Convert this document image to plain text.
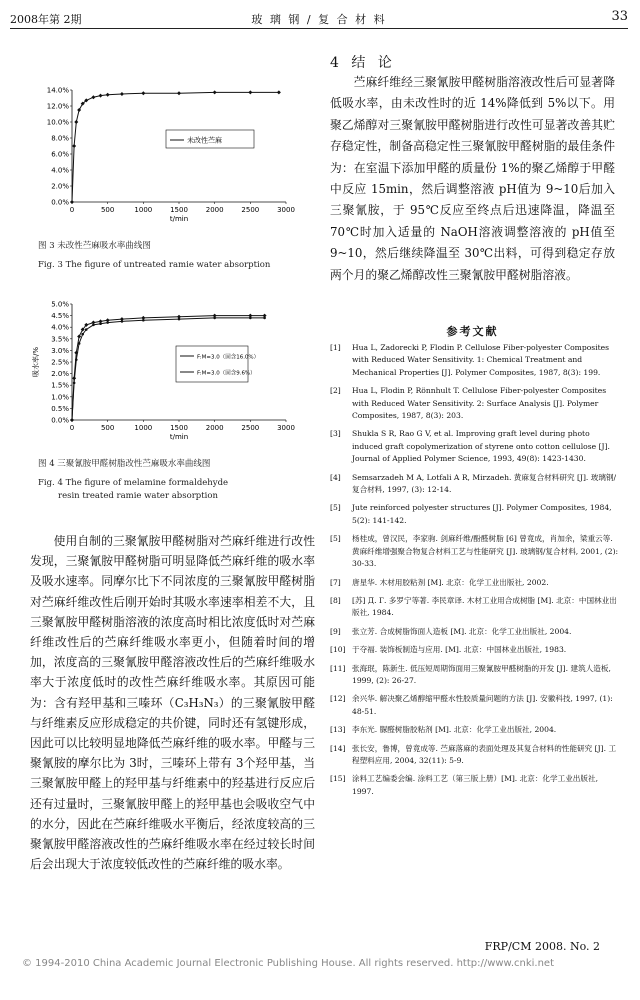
2008年第 2期	玻 璃 钢 / 复 合 材 料	33
0.0%
2.0%
4.0%
6.0%
8.0%
10.0%
12.0%
14.0%
0	500	1000	1500	2000	2500	3000
t/min
未改性苎麻
图 3 未改性苎麻吸水率曲线图
Fig. 3 The figure of untreated ramie water absorption
0.0%
0.5%
1.0%
1.5%
2.0%
2.5%
3.0%
3.5%
4.0%
4.5%
5.0%
0	500	1000	1500	2000	2500	3000
t/min
吸水率/%	F:M=3.0（固含16.0%）
F:M=3.0（固含9.6%）
图 4 三聚氰胺甲醛树脂改性苎麻吸水率曲线图
Fig. 4 The figure of melamine formaldehyde
resin treated ramie water absorption

使用自制的三聚氰胺甲醛树脂对苎麻纤维进行改性发现，三聚氰胺甲醛树脂可明显降低苎麻纤维的吸水率及吸水速率。同摩尔比下不同浓度的三聚氰胺甲醛树脂对苎麻纤维改性后刚开始时其吸水率速率相差不大，且三聚氰胺甲醛树脂溶液的浓度高时相比浓度低时对苎麻纤维改性后的苎麻纤维吸水率更小，但随着时间的增加，浓度高的三聚氰胺甲醛溶液改性后的苎麻纤维吸水率大于浓度低时的改性苎麻纤维吸水率。其原因可能为：含有羟甲基和三嗪环（C₃H₃N₃）的三聚氰胺甲醛与纤维素反应形成稳定的共价键，同时还有氢键形成，因此可以比较明显地降低苎麻纤维的吸水率。甲醛与三聚氰胺的摩尔比为 3时，三嗪环上带有 3个羟甲基，当三聚氰胺甲醛上的羟甲基与纤维素中的羟基进行反应后还有过量时，三聚氰胺甲醛上的羟甲基也会吸收空气中的水分，因此在苎麻纤维吸水平衡后，经浓度较高的三聚氰胺甲醛溶液改性的苎麻纤维吸水率在经过较长时间后会出现大于浓度较低改性的苎麻纤维的吸水率。

4 结 论

苎麻纤维经三聚氰胺甲醛树脂溶液改性后可显著降低吸水率，由未改性时的近 14%降低到 5%以下。用聚乙烯醇对三聚氰胺甲醛树脂进行改性可显著改善其贮存稳定性，制备高稳定性三聚氰胺甲醛树脂的最佳条件为：在室温下添加甲醛的质量份 1%的聚乙烯醇于甲醛中反应 15min，然后调整溶液 pH值为 9~10后加入三聚氰胺，于 95℃反应至终点后迅速降温，降温至 70℃时加入适量的 NaOH溶液调整溶液的 pH值至 9~10，然后继续降温至 30℃出料，可得到稳定存放两个月的聚乙烯醇改性三聚氰胺甲醛树脂溶液。

参考文献
[1]	Hua L, Zadorecki P, Flodin P. Cellulose Fiber-polyester Composites with Reduced Water Sensitivity. 1: Chemical Treatment and Mechanical Properties [J]. Polymer Composites, 1987, 8(3): 199.
[2]	Hua L, Flodin P, Rönnhult T. Cellulose Fiber-polyester Composites with Reduced Water Sensitivity. 2: Surface Analysis [J]. Polymer Composites, 1987, 8(3): 203.
[3]	Shukla S R, Rao G V, et al. Improving graft level during photo induced graft copolymerization of styrene onto cotton cellulose [J]. Journal of Applied Polymer Science, 1993, 49(8): 1423-1430.
[4]	Semsarzadeh M A, Lotfali A R, Mirzadeh. 黄麻复合材料研究 [J]. 玻璃钢/复合材料, 1997, (3): 12-14.
[5]	Jute reinforced polyester structures [J]. Polymer Composites, 1984, 5(2): 141-142.
[5]	杨桂成，曾汉民，李家驹. 剑麻纤维/酚醛树脂 [6] 曾竟成，肖加余，梁重云等. 黄麻纤维增强聚合物复合材料工艺与性能研究 [J]. 玻璃钢/复合材料, 2001, (2): 30-33.
[7]	唐星华. 木材用胶粘剂 [M]. 北京：化学工业出版社, 2002.
[8]	[苏] Д. Г. 多罗宁等著. 李民章译. 木材工业用合成树脂 [M]. 北京：中国林业出版社, 1984.
[9]	张立芳. 合成树脂饰面人造板 [M]. 北京：化学工业出版社, 2004.
[10] 于夺福. 装饰板制造与应用. [M]. 北京：中国林业出版社, 1983.
[11] 张海珉，陈新生. 低压短周期饰面用三聚氰胺甲醛树脂的开发 [J]. 建筑人造板, 1999, (2): 26-27.
[12] 余兴华. 解决聚乙烯醇缩甲醛水性胶质量问题的方法 [J]. 安徽科技, 1997, (1): 48-51.
[13] 李东光. 脲醛树脂胶粘剂 [M]. 北京：化学工业出版社, 2004.
[14] 张长安，鲁博，曾竟成等. 苎麻落麻的表面处理及其复合材料的性能研究 [J]. 工程塑料应用, 2004, 32(11): 5-9.
[15] 涂料工艺编委会编. 涂料工艺（第三版上册）[M]. 北京：化学工业出版社, 1997.
FRP/CM 2008. No. 2
© 1994-2010 China Academic Journal Electronic Publishing House. All rights reserved. http://www.cnki.net
